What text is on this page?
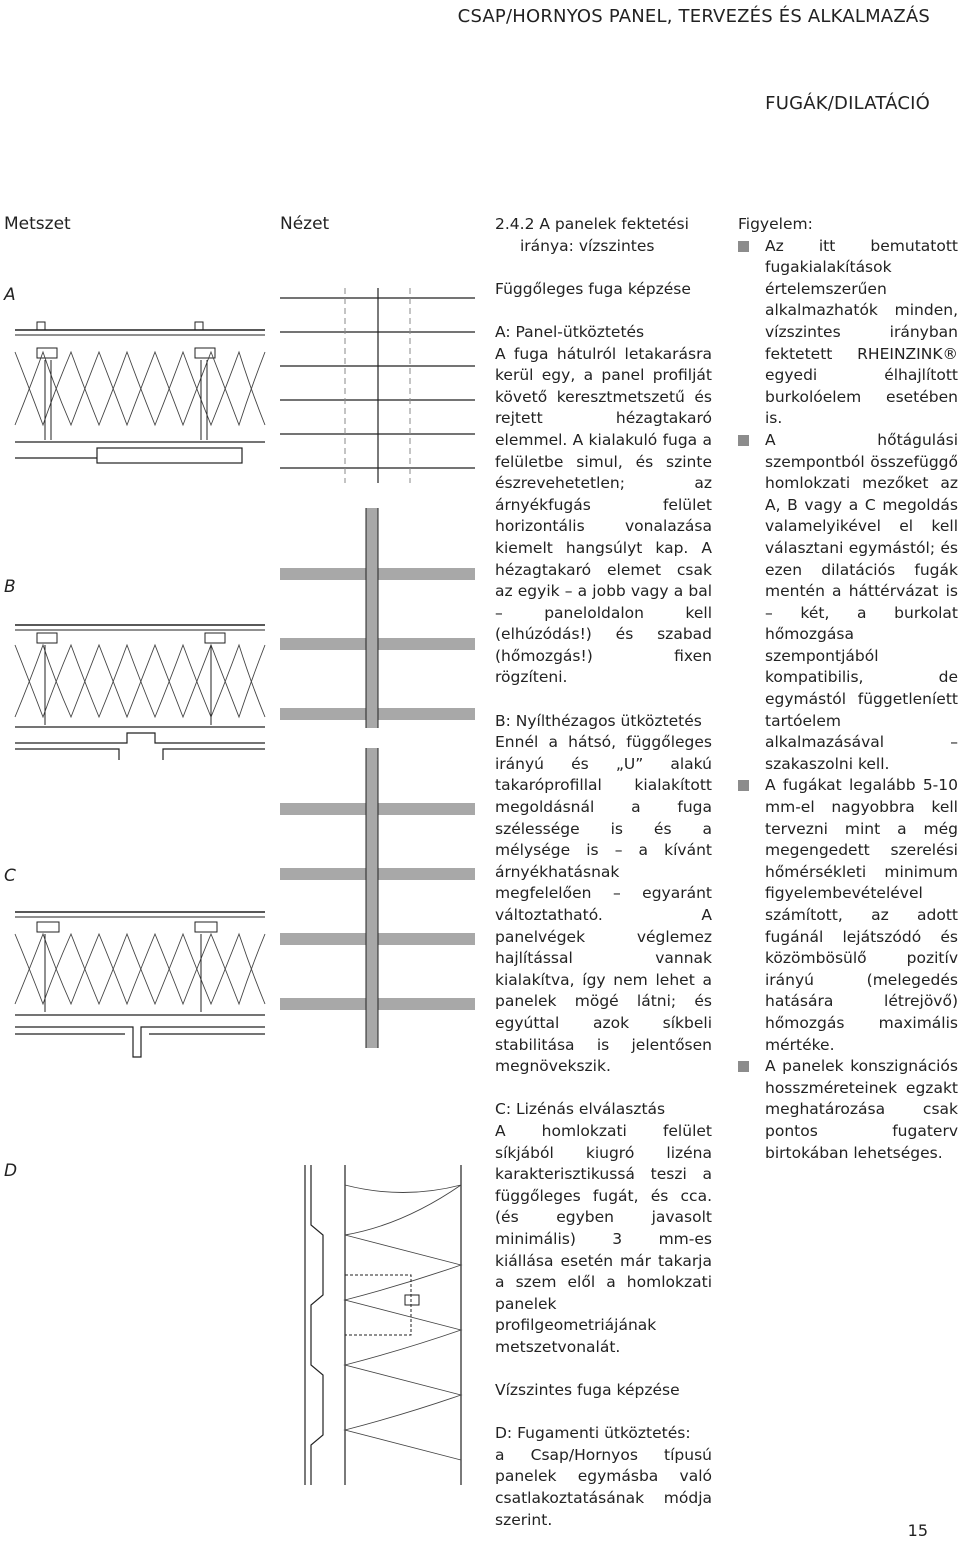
CSAP/HORNYOS PANEL, TERVEZÉS ÉS ALKALMAZÁS
FUGÁK/DILATÁCIÓ
Metszet	Nézet
A
B
C
D
2.4.2 A panelek fektetési
iránya: vízszintes
Függőleges fuga képzése
A: Panel-ütköztetés

A fuga hátulról letakarásra kerül egy, a panel profilját követő keresztmetszetű és rejtett hézagtakaró elemmel. A kialakuló fuga a felületbe simul, és szinte észrevehetetlen; az árnyékfugás felület horizontális vonalazása kiemelt hangsúlyt kap. A hézagtakaró elemet csak az egyik – a jobb vagy a bal – paneloldalon kell (elhúzódás!) és szabad (hőmozgás!) fixen rögzíteni.

B: Nyílthézagos ütköztetés

Ennél a hátsó, függőleges irányú és „U” alakú takaróprofillal kialakított megoldásnál a fuga szélessége is és a mélysége is – a kívánt árnyékhatásnak megfelelően – egyaránt változtatható. A panelvégek véglemez hajlítással vannak kialakítva, így nem lehet a panelek mögé látni; és egyúttal azok síkbeli stabilitása is jelentősen megnövekszik.

C: Lizénás elválasztás

A homlokzati felület síkjából kiugró lizéna karakterisztikussá teszi a függőleges fugát, és cca. (és egyben javasolt minimális) 3 mm-es kiállása esetén már takarja a szem elől a homlokzati panelek profilgeometriájának metszetvonalát.

Vízszintes fuga képzése
D: Fugamenti ütköztetés:

a Csap/Hornyos típusú panelek egymásba való csatlakoztatásának módja szerint.

Figyelem:
Az itt bemutatott fugakialakítások értelemszerűen alkalmazhatók minden, vízszintes irányban fektetett RHEINZINK® egyedi élhajlított burkolóelem esetében is.
A hőtágulási szempontból összefüggő homlokzati mezőket az A, B vagy a C megoldás valamelyikével el kell választani egymástól; és ezen dilatációs fugák mentén a háttérvázat is – két, a burkolat hőmozgása szempontjából kompatibilis, de egymástól függetleníett tartóelem alkalmazásával – szakaszolni kell.
A fugákat legalább 5-10 mm-el nagyobbra kell tervezni mint a még megengedett szerelési hőmérsékleti minimum figyelembevételével számított, az adott fugánál lejátszódó és közömbösülő pozitív irányú (melegedés hatására létrejövő) hőmozgás maximális mértéke.
A panelek konszignációs hosszméreteinek egzakt meghatározása csak pontos fugaterv birtokában lehetséges.
15
